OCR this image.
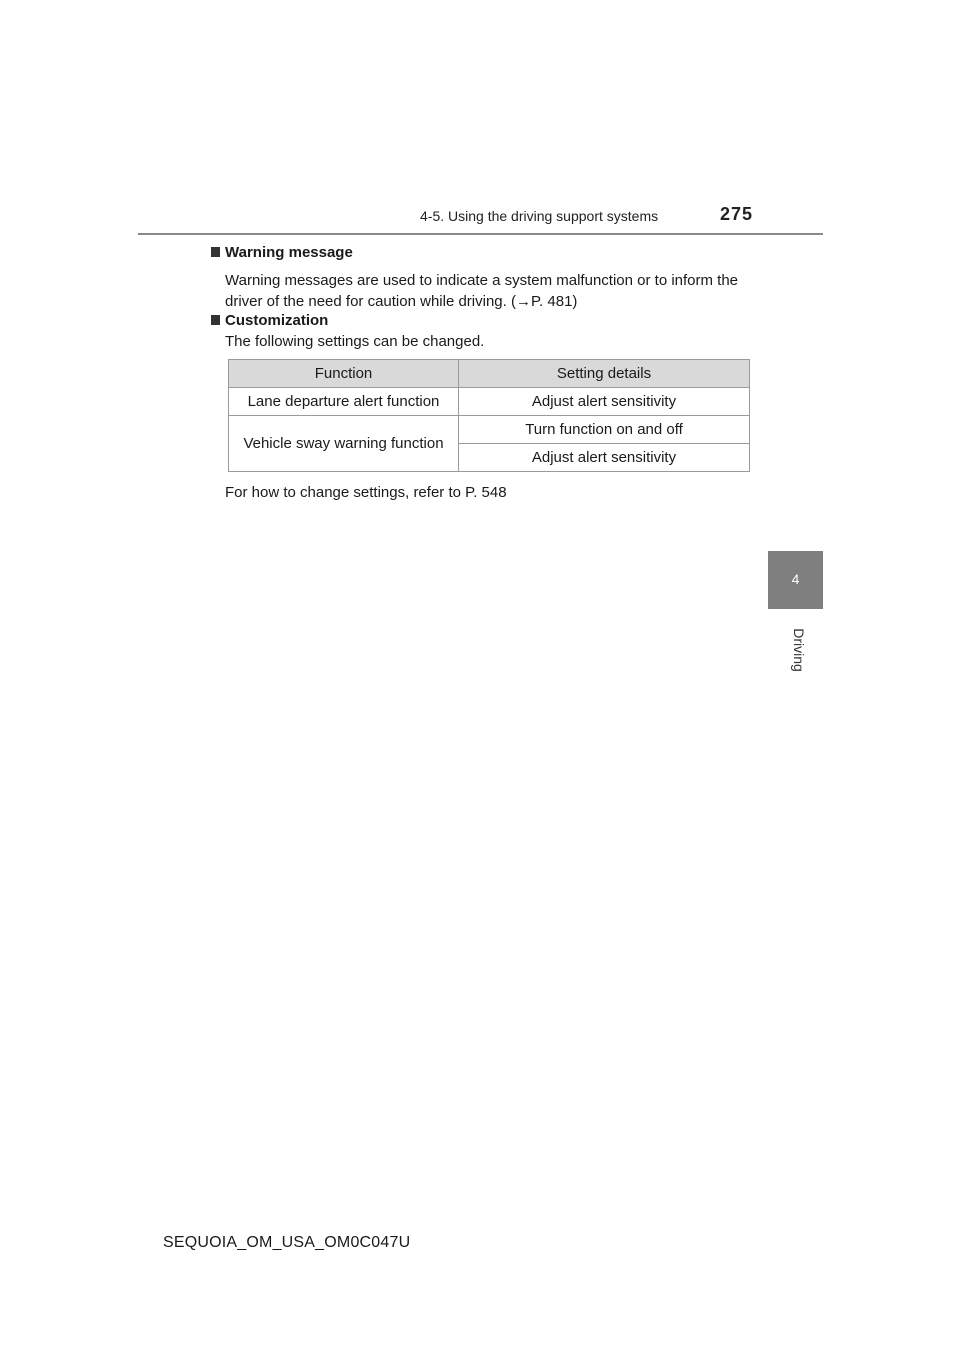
4-5. Using the driving support systems	275
4
Driving
Warning message
Warning messages are used to indicate a system malfunction or to inform the
driver of the need for caution while driving. (→P. 481)
Customization
The following settings can be changed.
Function	Setting details
Lane departure alert function	Adjust alert sensitivity
Vehicle sway warning function	Turn function on and off
	Adjust alert sensitivity
For how to change settings, refer to P. 548
SEQUOIA_OM_USA_OM0C047U
